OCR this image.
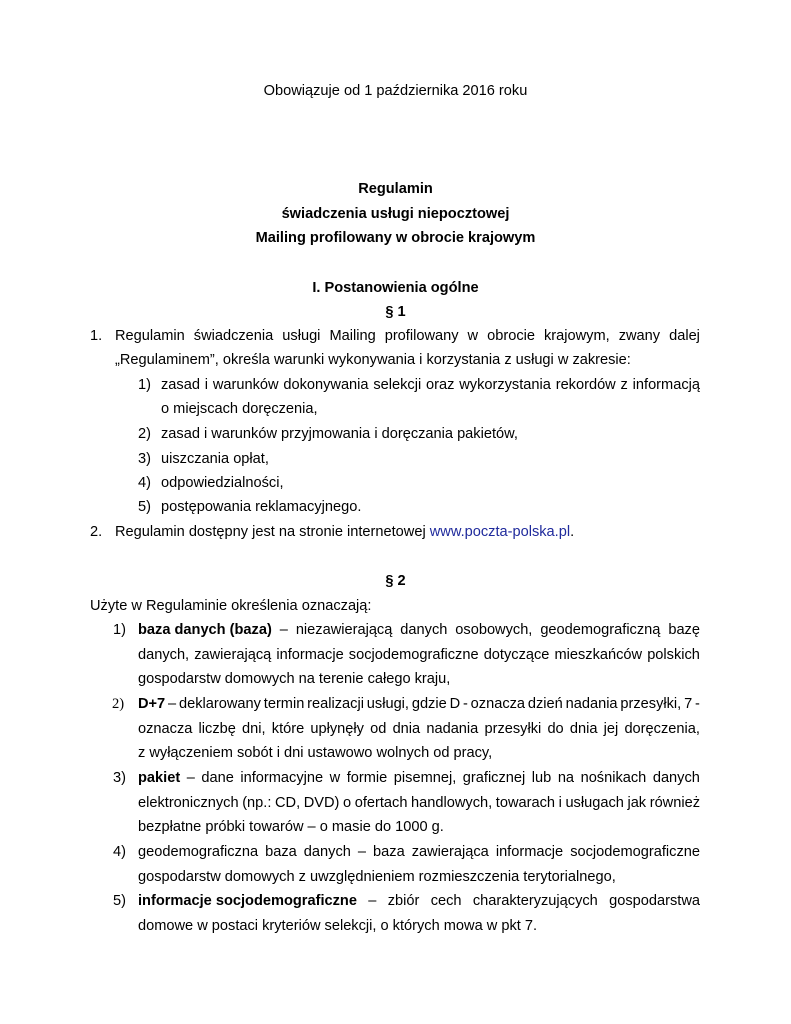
Obowiązuje od 1 października 2016 roku
Regulamin
świadczenia usługi niepocztowej
Mailing profilowany w obrocie krajowym
I. Postanowienia ogólne
§ 1
1. Regulamin świadczenia usługi Mailing profilowany w obrocie krajowym, zwany dalej
„Regulaminem”, określa warunki wykonywania i korzystania z usługi w zakresie:
1) zasad i warunków dokonywania selekcji oraz wykorzystania rekordów z informacją
o miejscach doręczenia,
2) zasad i warunków przyjmowania i doręczania pakietów,
3) uiszczania opłat,
4) odpowiedzialności,
5) postępowania reklamacyjnego.
2. Regulamin dostępny jest na stronie internetowej www.poczta-polska.pl.
§ 2
Użyte w Regulaminie określenia oznaczają:
1) baza danych (baza) – niezawierającą danych osobowych, geodemograficzną bazę
danych, zawierającą informacje socjodemograficzne dotyczące mieszkańców polskich
gospodarstw domowych na terenie całego kraju,
2) D+7 – deklarowany termin realizacji usługi, gdzie D - oznacza dzień nadania przesyłki, 7 -
oznacza liczbę dni, które upłynęły od dnia nadania przesyłki do dnia jej doręczenia,
z wyłączeniem sobót i dni ustawowo wolnych od pracy,
3) pakiet – dane informacyjne w formie pisemnej, graficznej lub na nośnikach danych
elektronicznych (np.: CD, DVD) o ofertach handlowych, towarach i usługach jak również
bezpłatne próbki towarów – o masie do 1000 g.
4) geodemograficzna baza danych – baza zawierająca informacje socjodemograficzne
gospodarstw domowych z uwzględnieniem rozmieszczenia terytorialnego,
5) informacje socjodemograficzne – zbiór cech charakteryzujących gospodarstwa
domowe w postaci kryteriów selekcji, o których mowa w pkt 7.
